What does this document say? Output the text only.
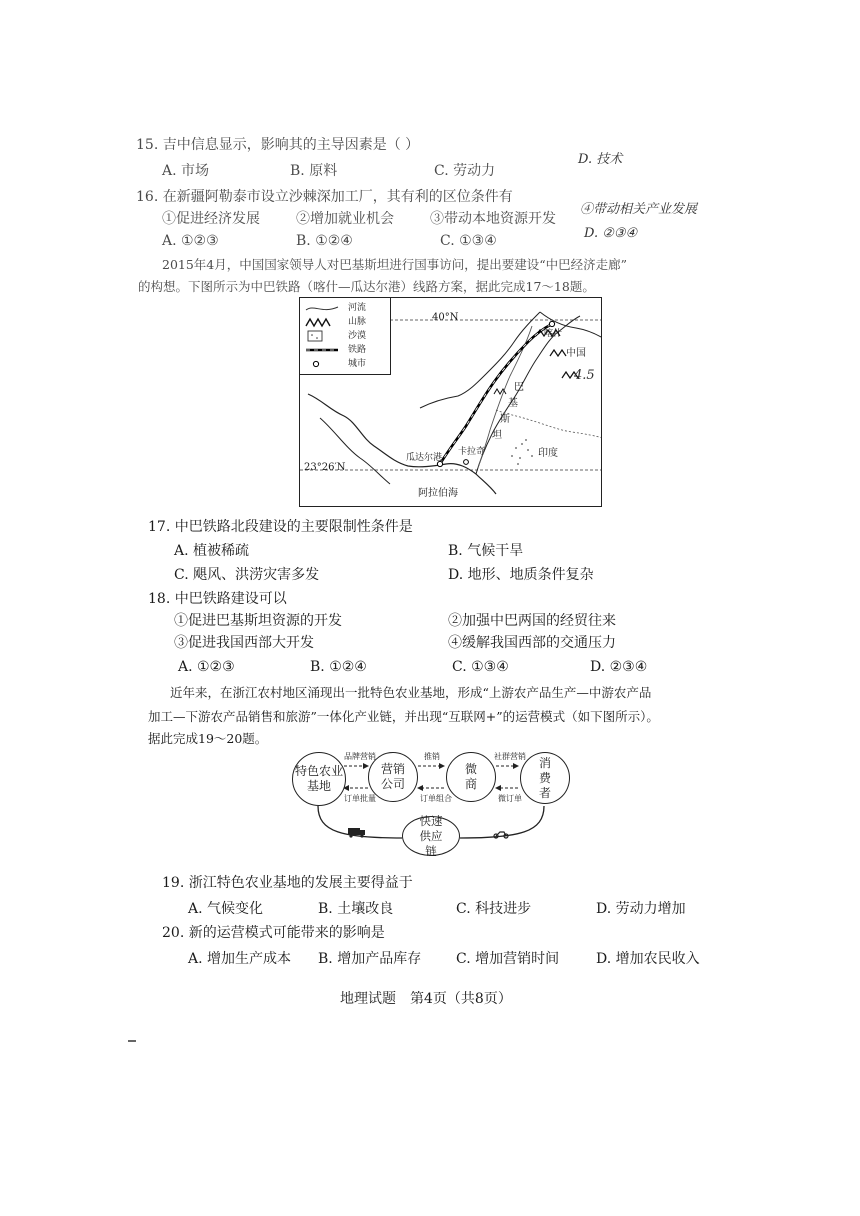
15. 吉中信息显示，影响其的主导因素是（ ）
A. 市场	B. 原料	C. 劳动力
D. 技术
16. 在新疆阿勒泰市设立沙棘深加工厂，其有利的区位条件有
①促进经济发展	②增加就业机会	③带动本地资源开发
A. ①②③	B. ①②④	C. ①③④
④带动相关产业发展
D. ②③④
2015年4月，中国国家领导人对巴基斯坦进行国事访问，提出要建设“中巴经济走廊”
的构想。下图所示为中巴铁路（喀什—瓜达尔港）线路方案，据此完成17～18题。
河流
山脉
沙漠
铁路
城市
40°N
23°26′N
喀什
中国
巴
基
斯
坦
印度
瓜达尔港
卡拉奇
阿拉伯海
4.5
17. 中巴铁路北段建设的主要限制性条件是
A. 植被稀疏	B. 气候干旱
C. 飓风、洪涝灾害多发	D. 地形、地质条件复杂
18. 中巴铁路建设可以
①促进巴基斯坦资源的开发	②加强中巴两国的经贸往来
③促进我国西部大开发	④缓解我国西部的交通压力
A. ①②③	B. ①②④	C. ①③④	D. ②③④
近年来，在浙江农村地区涌现出一批特色农业基地，形成“上游农产品生产—中游农产品
加工—下游农产品销售和旅游”一体化产业链，并出现“互联网+”的运营模式（如下图所示）。
据此完成19～20题。
特色农业基地
营销公司
微商
消费者
快速供应链
品牌营销	推销	社群营销
订单批量	订单组合	微订单
19. 浙江特色农业基地的发展主要得益于
A. 气候变化	B. 土壤改良	C. 科技进步	D. 劳动力增加
20. 新的运营模式可能带来的影响是
A. 增加生产成本 B. 增加产品库存 C. 增加营销时间	D. 增加农民收入
地理试题　第4页（共8页）
